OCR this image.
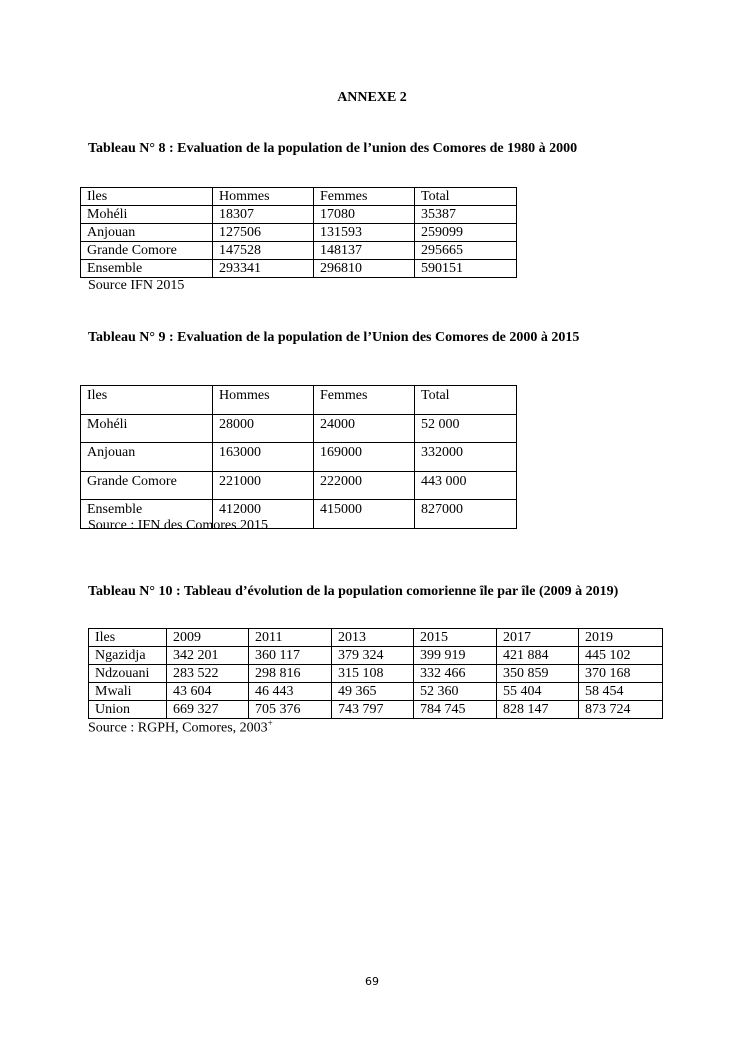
ANNEXE 2
Tableau N° 8 : Evaluation de la population de l’union des Comores de 1980 à 2000
Iles	Hommes	Femmes	Total
Mohéli	18307	17080	35387
Anjouan	127506	131593	259099
Grande Comore	147528	148137	295665
Ensemble	293341	296810	590151
Source IFN 2015
Tableau N° 9 : Evaluation de la population de l’Union des Comores de 2000 à 2015
Iles	Hommes	Femmes	Total
Mohéli	28000	24000	52 000
Anjouan	163000	169000	332000
Grande Comore	221000	222000	443 000
Ensemble	412000	415000	827000
Source : IFN des Comores 2015
Tableau N° 10 : Tableau d’évolution de la population comorienne île par île (2009 à 2019)
Iles	2009	2011	2013	2015	2017	2019
Ngazidja	342 201	360 117	379 324	399 919	421 884	445 102
Ndzouani	283 522	298 816	315 108	332 466	350 859	370 168
Mwali	43 604	46 443	49 365	52 360	55 404	58 454
Union	669 327	705 376	743 797	784 745	828 147	873 724
Source : RGPH, Comores, 2003+
69
